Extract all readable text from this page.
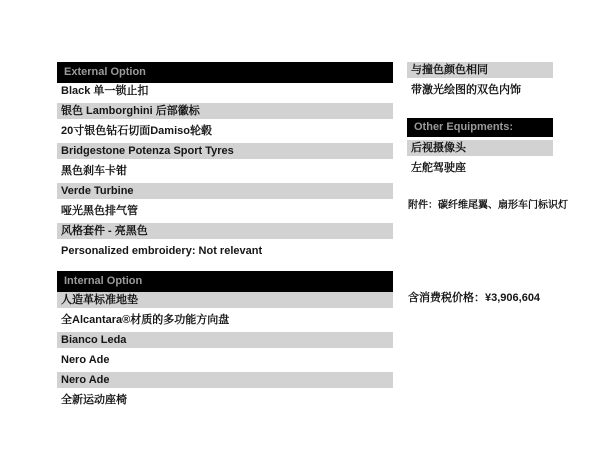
External Option
Black 单一锁止扣
银色 Lamborghini 后部徽标
20寸银色钻石切面Damiso轮毂
Bridgestone Potenza Sport Tyres
黑色刹车卡钳
Verde Turbine
哑光黑色排气管
风格套件 - 亮黑色
Personalized embroidery: Not relevant
Internal Option
人造革标准地垫
全Alcantara®材质的多功能方向盘
Bianco Leda
Nero Ade
Nero Ade
全新运动座椅
与撞色颜色相同
带激光绘图的双色内饰
Other Equipments:
后视摄像头
左舵驾驶座
附件：碳纤维尾翼、扇形车门标识灯
含消费税价格：¥3,906,604
